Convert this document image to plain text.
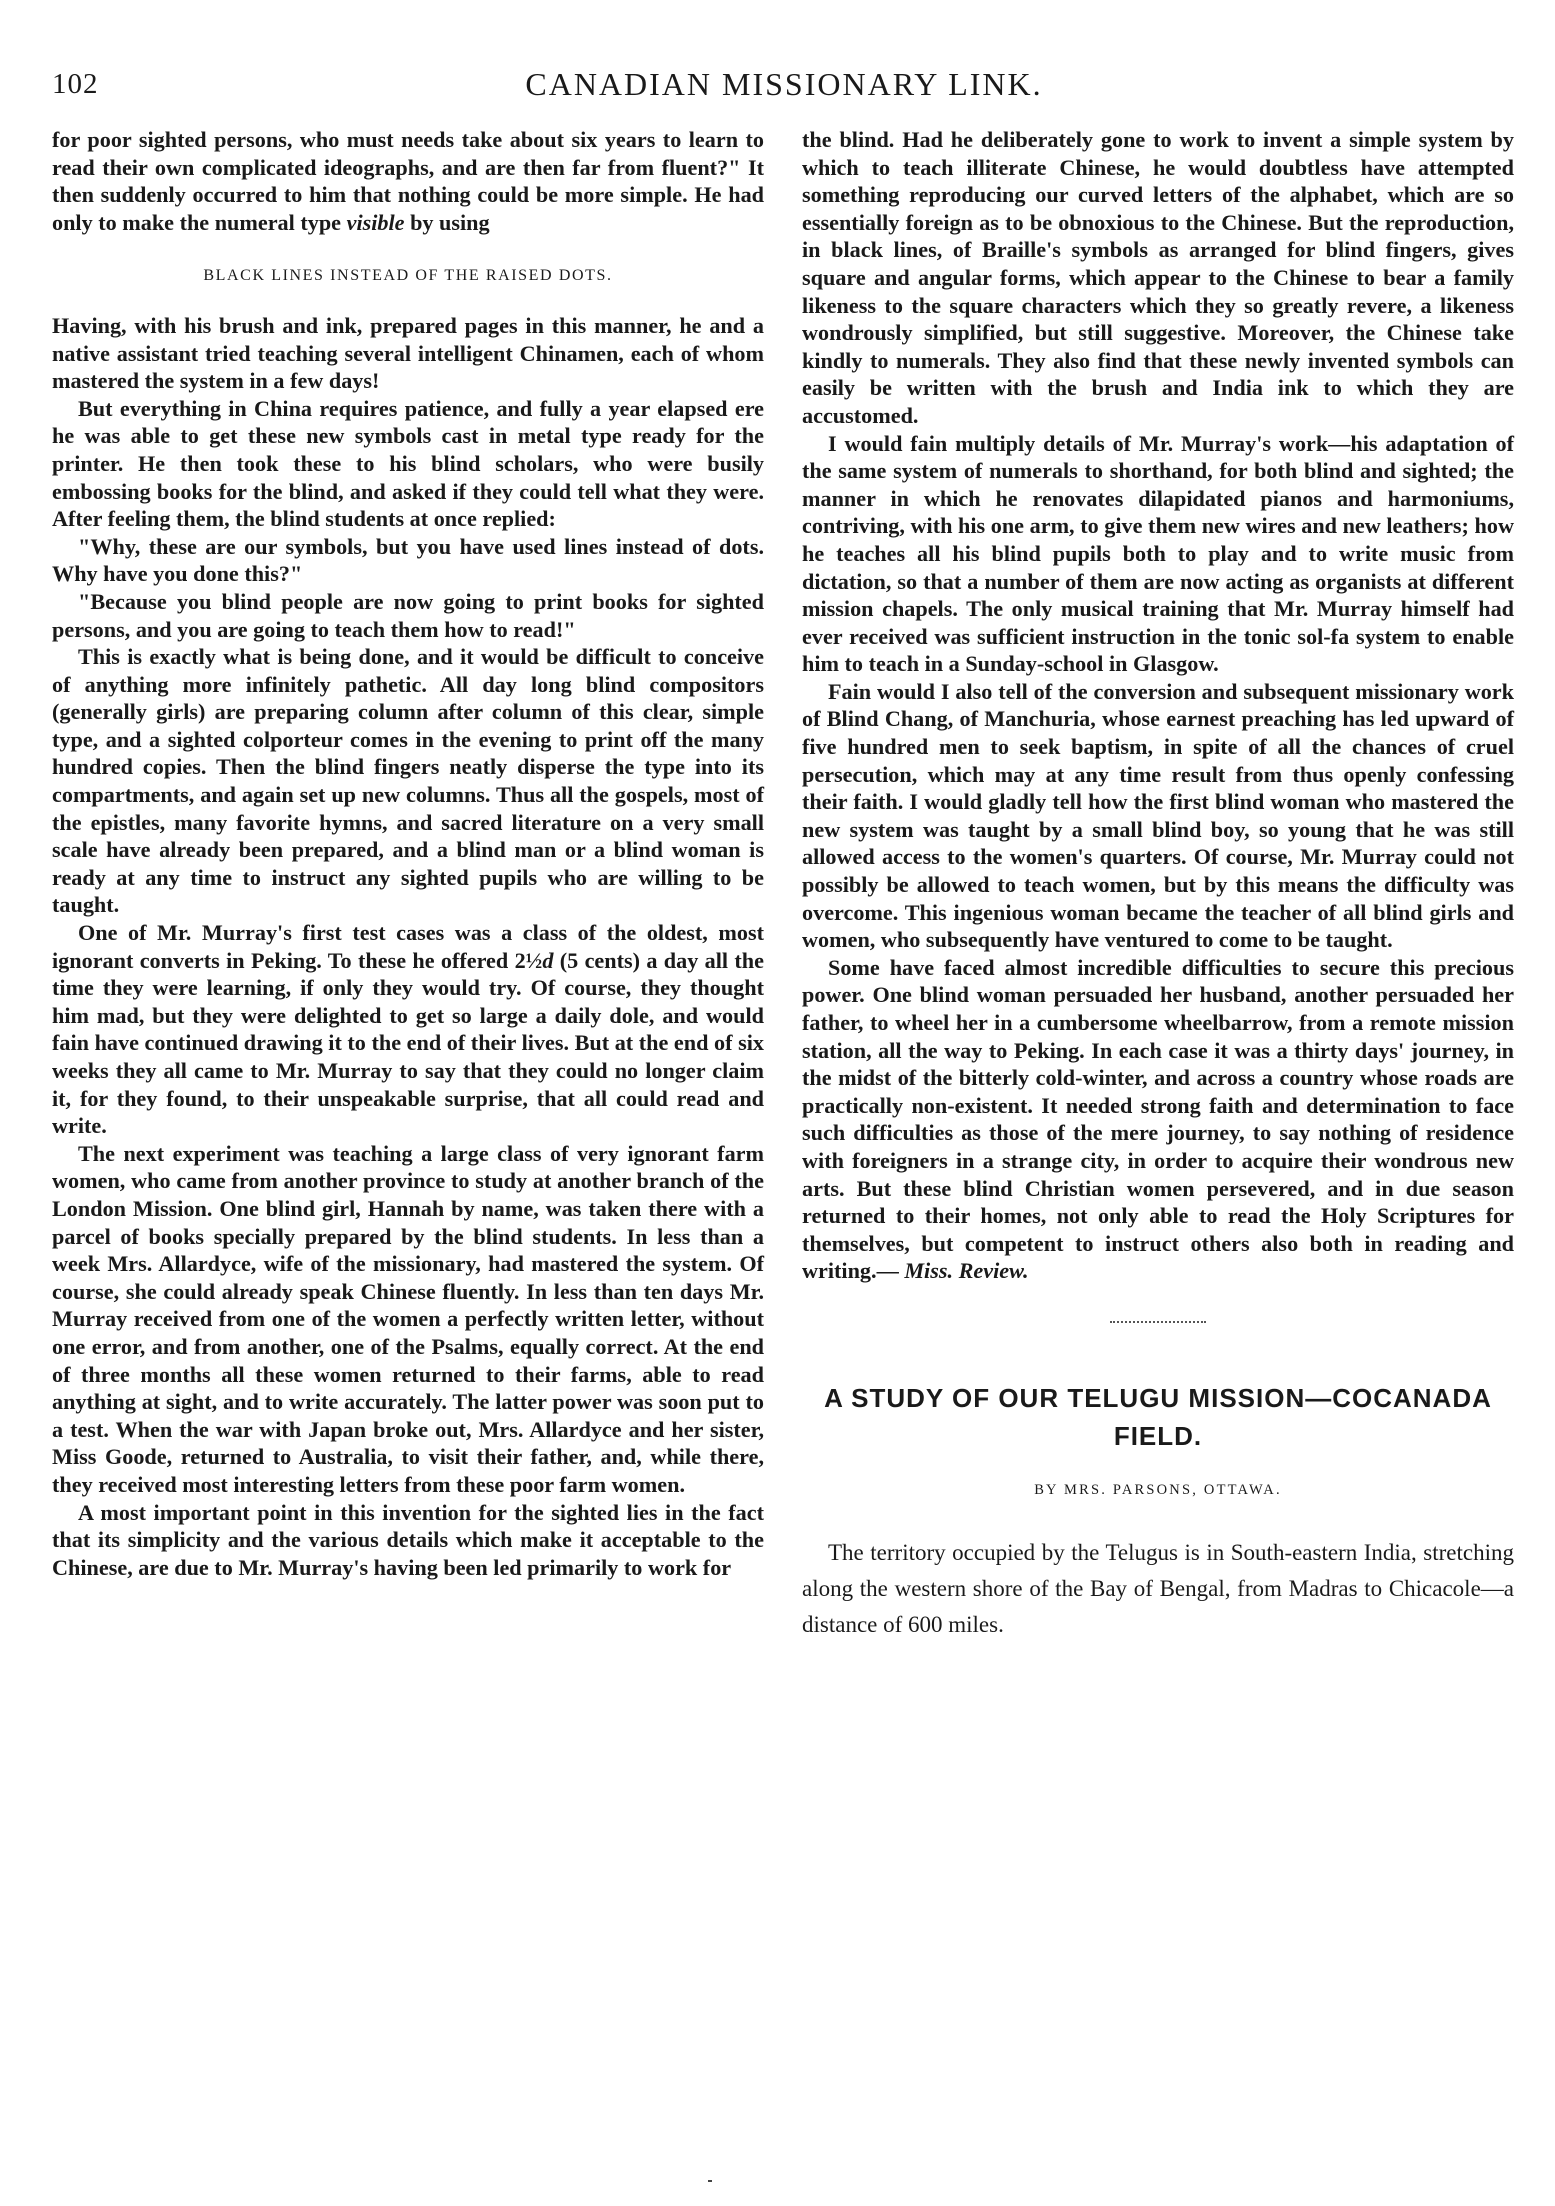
102	CANADIAN MISSIONARY LINK.

for poor sighted persons, who must needs take about six years to learn to read their own complicated ideographs, and are then far from fluent?" It then suddenly occurred to him that nothing could be more simple. He had only to make the numeral type visible by using

BLACK LINES INSTEAD OF THE RAISED DOTS.

Having, with his brush and ink, prepared pages in this manner, he and a native assistant tried teaching several intelligent Chinamen, each of whom mastered the system in a few days!

But everything in China requires patience, and fully a year elapsed ere he was able to get these new symbols cast in metal type ready for the printer. He then took these to his blind scholars, who were busily embossing books for the blind, and asked if they could tell what they were. After feeling them, the blind students at once replied:

"Why, these are our symbols, but you have used lines instead of dots. Why have you done this?"

"Because you blind people are now going to print books for sighted persons, and you are going to teach them how to read!"

This is exactly what is being done, and it would be difficult to conceive of anything more infinitely pathetic. All day long blind compositors (generally girls) are preparing column after column of this clear, simple type, and a sighted colporteur comes in the evening to print off the many hundred copies. Then the blind fingers neatly disperse the type into its compartments, and again set up new columns. Thus all the gospels, most of the epistles, many favorite hymns, and sacred literature on a very small scale have already been prepared, and a blind man or a blind woman is ready at any time to instruct any sighted pupils who are willing to be taught.

One of Mr. Murray's first test cases was a class of the oldest, most ignorant converts in Peking. To these he offered 2½d (5 cents) a day all the time they were learning, if only they would try. Of course, they thought him mad, but they were delighted to get so large a daily dole, and would fain have continued drawing it to the end of their lives. But at the end of six weeks they all came to Mr. Murray to say that they could no longer claim it, for they found, to their unspeakable surprise, that all could read and write.

The next experiment was teaching a large class of very ignorant farm women, who came from another province to study at another branch of the London Mission. One blind girl, Hannah by name, was taken there with a parcel of books specially prepared by the blind students. In less than a week Mrs. Allardyce, wife of the missionary, had mastered the system. Of course, she could already speak Chinese fluently. In less than ten days Mr. Murray received from one of the women a perfectly written letter, without one error, and from another, one of the Psalms, equally correct. At the end of three months all these women returned to their farms, able to read anything at sight, and to write accurately. The latter power was soon put to a test. When the war with Japan broke out, Mrs. Allardyce and her sister, Miss Goode, returned to Australia, to visit their father, and, while there, they received most interesting letters from these poor farm women.

A most important point in this invention for the sighted lies in the fact that its simplicity and the various details which make it acceptable to the Chinese, are due to Mr. Murray's having been led primarily to work for

the blind. Had he deliberately gone to work to invent a simple system by which to teach illiterate Chinese, he would doubtless have attempted something reproducing our curved letters of the alphabet, which are so essentially foreign as to be obnoxious to the Chinese. But the reproduction, in black lines, of Braille's symbols as arranged for blind fingers, gives square and angular forms, which appear to the Chinese to bear a family likeness to the square characters which they so greatly revere, a likeness wondrously simplified, but still suggestive. Moreover, the Chinese take kindly to numerals. They also find that these newly invented symbols can easily be written with the brush and India ink to which they are accustomed.

I would fain multiply details of Mr. Murray's work—his adaptation of the same system of numerals to shorthand, for both blind and sighted; the manner in which he renovates dilapidated pianos and harmoniums, contriving, with his one arm, to give them new wires and new leathers; how he teaches all his blind pupils both to play and to write music from dictation, so that a number of them are now acting as organists at different mission chapels. The only musical training that Mr. Murray himself had ever received was sufficient instruction in the tonic sol-fa system to enable him to teach in a Sunday-school in Glasgow.

Fain would I also tell of the conversion and subsequent missionary work of Blind Chang, of Manchuria, whose earnest preaching has led upward of five hundred men to seek baptism, in spite of all the chances of cruel persecution, which may at any time result from thus openly confessing their faith. I would gladly tell how the first blind woman who mastered the new system was taught by a small blind boy, so young that he was still allowed access to the women's quarters. Of course, Mr. Murray could not possibly be allowed to teach women, but by this means the difficulty was overcome. This ingenious woman became the teacher of all blind girls and women, who subsequently have ventured to come to be taught.

Some have faced almost incredible difficulties to secure this precious power. One blind woman persuaded her husband, another persuaded her father, to wheel her in a cumbersome wheelbarrow, from a remote mission station, all the way to Peking. In each case it was a thirty days' journey, in the midst of the bitterly cold-winter, and across a country whose roads are practically non-existent. It needed strong faith and determination to face such difficulties as those of the mere journey, to say nothing of residence with foreigners in a strange city, in order to acquire their wondrous new arts. But these blind Christian women persevered, and in due season returned to their homes, not only able to read the Holy Scriptures for themselves, but competent to instruct others also both in reading and writing.— Miss. Review.

A STUDY OF OUR TELUGU MISSION—COCANADA FIELD.
BY MRS. PARSONS, OTTAWA.

The territory occupied by the Telugus is in South-eastern India, stretching along the western shore of the Bay of Bengal, from Madras to Chicacole—a distance of 600 miles.
